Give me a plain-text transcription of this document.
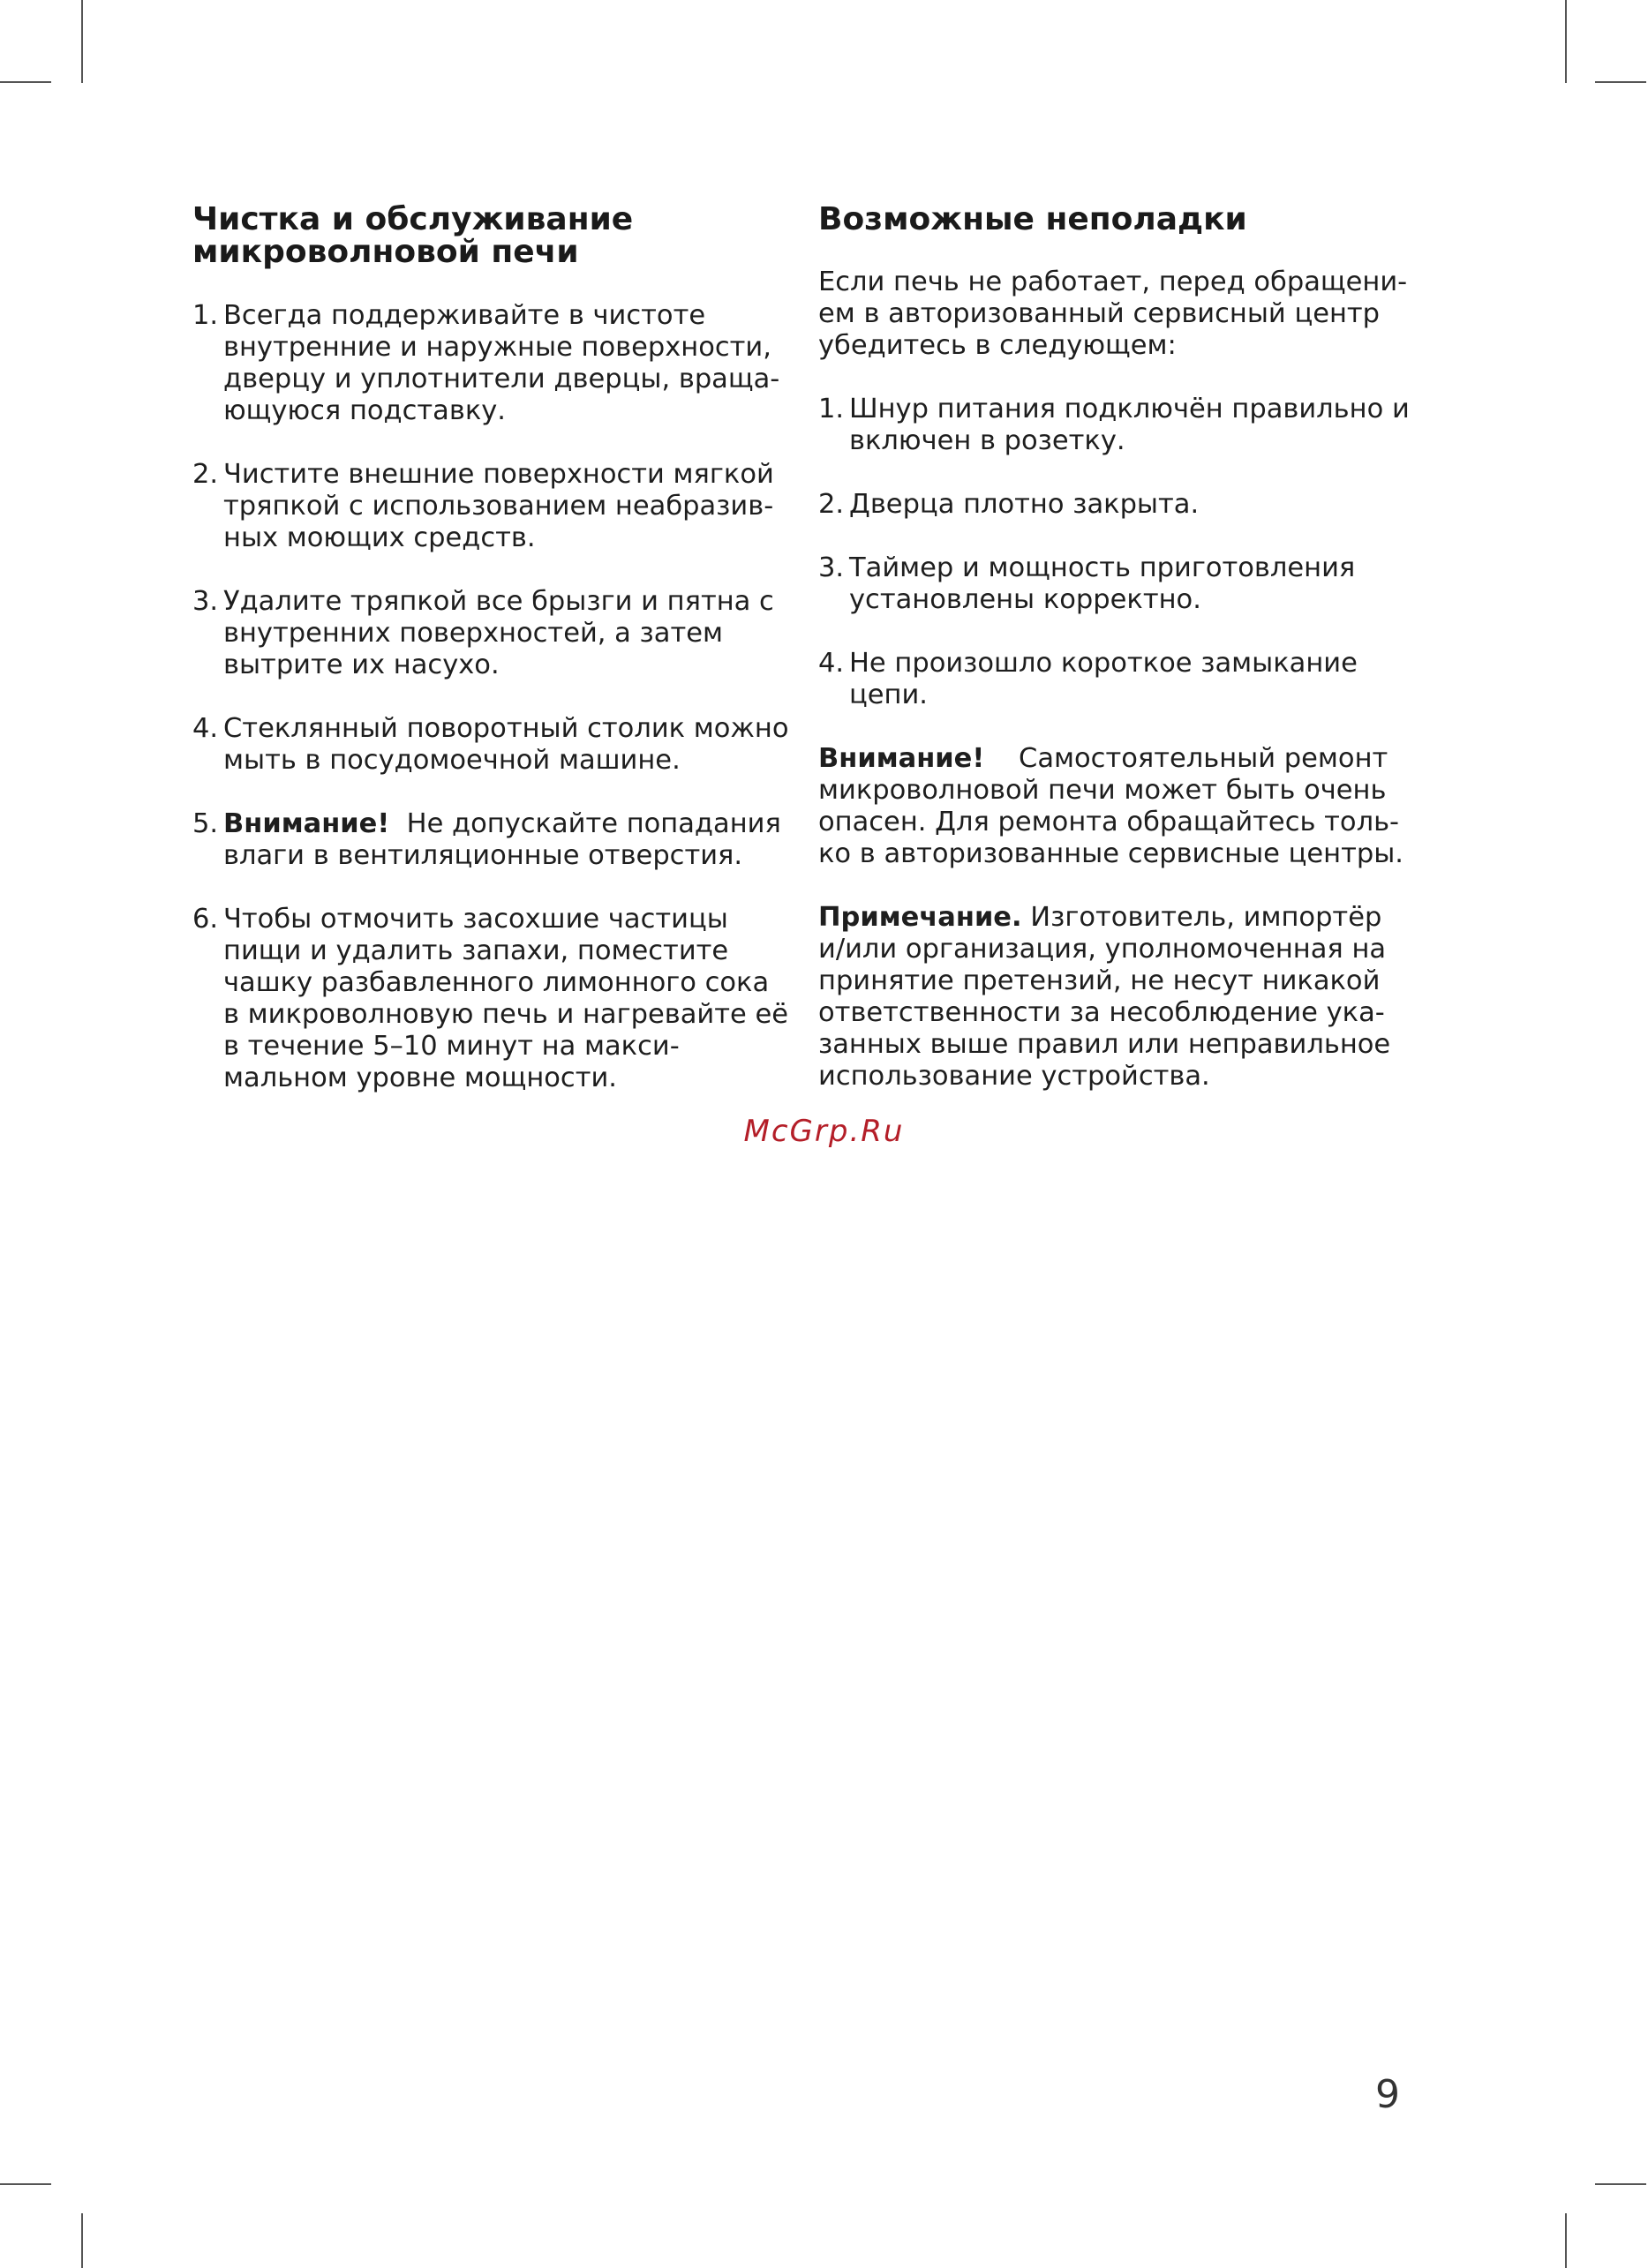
Чистка и обслуживание микроволновой печи
1. Всегда поддерживайте в чистоте внутренние и наружные поверхности, дверцу и уплотнители дверцы, вращающуюся подставку.
2. Чистите внешние поверхности мягкой тряпкой с использованием неабразивных моющих средств.
3. Удалите тряпкой все брызги и пятна с внутренних поверхностей, а затем вытрите их насухо.
4. Стеклянный поворотный столик можно мыть в посудомоечной машине.
5. Внимание! Не допускайте попадания влаги в вентиляционные отверстия.
6. Чтобы отмочить засохшие частицы пищи и удалить запахи, поместите чашку разбавленного лимонного сока в микроволновую печь и нагревайте её в течение 5–10 минут на максимальном уровне мощности.
Возможные неполадки

Если печь не работает, перед обращением в авторизованный сервисный центр убедитесь в следующем:

1. Шнур питания подключён правильно и включен в розетку.
2. Дверца плотно закрыта.
3. Таймер и мощность приготовления установлены корректно.
4. Не произошло короткое замыкание цепи.

Внимание! Самостоятельный ремонт микроволновой печи может быть очень опасен. Для ремонта обращайтесь только в авторизованные сервисные центры.

Примечание. Изготовитель, импортёр и/или организация, уполномоченная на принятие претензий, не несут никакой ответственности за несоблюдение указанных выше правил или неправильное использование устройства.

McGrp.Ru
9
